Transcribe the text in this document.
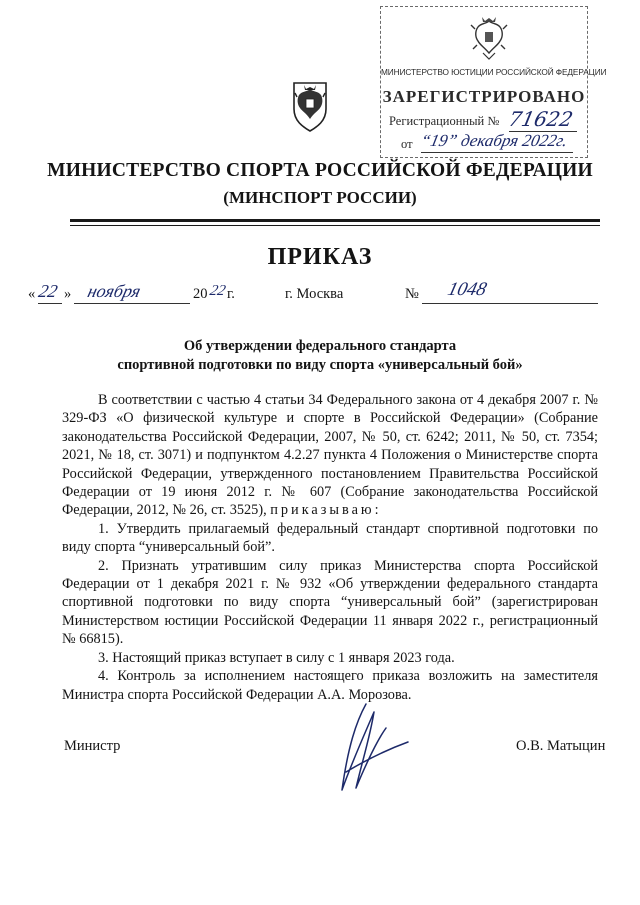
МИНИСТЕРСТВО ЮСТИЦИИ РОССИЙСКОЙ ФЕДЕРАЦИИ
ЗАРЕГИСТРИРОВАНО
Регистрационный № 71622
от “19” декабря 2022г.
МИНИСТЕРСТВО СПОРТА РОССИЙСКОЙ ФЕДЕРАЦИИ
(МИНСПОРТ РОССИИ)
ПРИКАЗ
« 22 » ноября	20 22 г.	г. Москва	№ 1048
Об утверждении федерального стандарта
спортивной подготовки по виду спорта «универсальный бой»

В соответствии с частью 4 статьи 34 Федерального закона от 4 декабря 2007 г. № 329-ФЗ «О физической культуре и спорте в Российской Федерации» (Собрание законодательства Российской Федерации, 2007, № 50, ст. 6242; 2011, № 50, ст. 7354; 2021, № 18, ст. 3071) и подпунктом 4.2.27 пункта 4 Положения о Министерстве спорта Российской Федерации, утвержденного постановлением Правительства Российской Федерации от 19 июня 2012 г. № 607 (Собрание законодательства Российской Федерации, 2012, № 26, ст. 3525), приказываю:

1. Утвердить прилагаемый федеральный стандарт спортивной подготовки по виду спорта “универсальный бой”.

2. Признать утратившим силу приказ Министерства спорта Российской Федерации от 1 декабря 2021 г. № 932 «Об утверждении федерального стандарта спортивной подготовки по виду спорта “универсальный бой” (зарегистрирован Министерством юстиции Российской Федерации 11 января 2022 г., регистрационный № 66815).

3. Настоящий приказ вступает в силу с 1 января 2023 года.

4. Контроль за исполнением настоящего приказа возложить на заместителя Министра спорта Российской Федерации А.А. Морозова.

Министр	О.В. Матыцин
